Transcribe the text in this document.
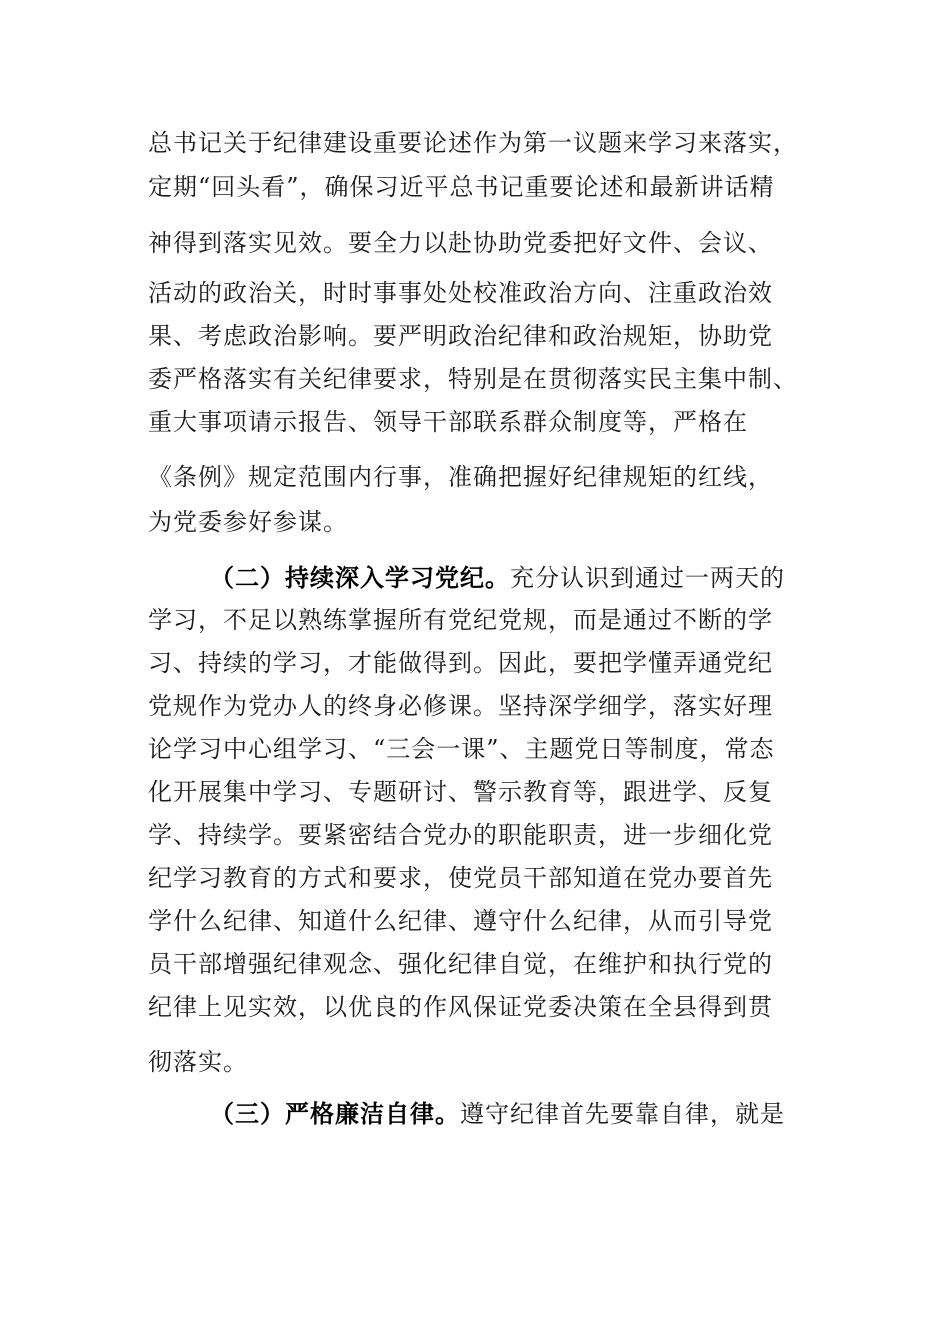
总书记关于纪律建设重要论述作为第一议题来学习来落实，
定期“回头看”，确保习近平总书记重要论述和最新讲话精
神得到落实见效。要全力以赴协助党委把好文件、会议、
活动的政治关，时时事事处处校准政治方向、注重政治效
果、考虑政治影响。要严明政治纪律和政治规矩，协助党
委严格落实有关纪律要求，特别是在贯彻落实民主集中制、
重大事项请示报告、领导干部联系群众制度等，严格在
《条例》规定范围内行事，准确把握好纪律规矩的红线，
为党委参好参谋。
（二）持续深入学习党纪。充分认识到通过一两天的
学习，不足以熟练掌握所有党纪党规，而是通过不断的学
习、持续的学习，才能做得到。因此，要把学懂弄通党纪
党规作为党办人的终身必修课。坚持深学细学，落实好理
论学习中心组学习、“三会一课”、主题党日等制度，常态
化开展集中学习、专题研讨、警示教育等，跟进学、反复
学、持续学。要紧密结合党办的职能职责，进一步细化党
纪学习教育的方式和要求，使党员干部知道在党办要首先
学什么纪律、知道什么纪律、遵守什么纪律，从而引导党
员干部增强纪律观念、强化纪律自觉，在维护和执行党的
纪律上见实效，以优良的作风保证党委决策在全县得到贯
彻落实。
（三）严格廉洁自律。遵守纪律首先要靠自律，就是
